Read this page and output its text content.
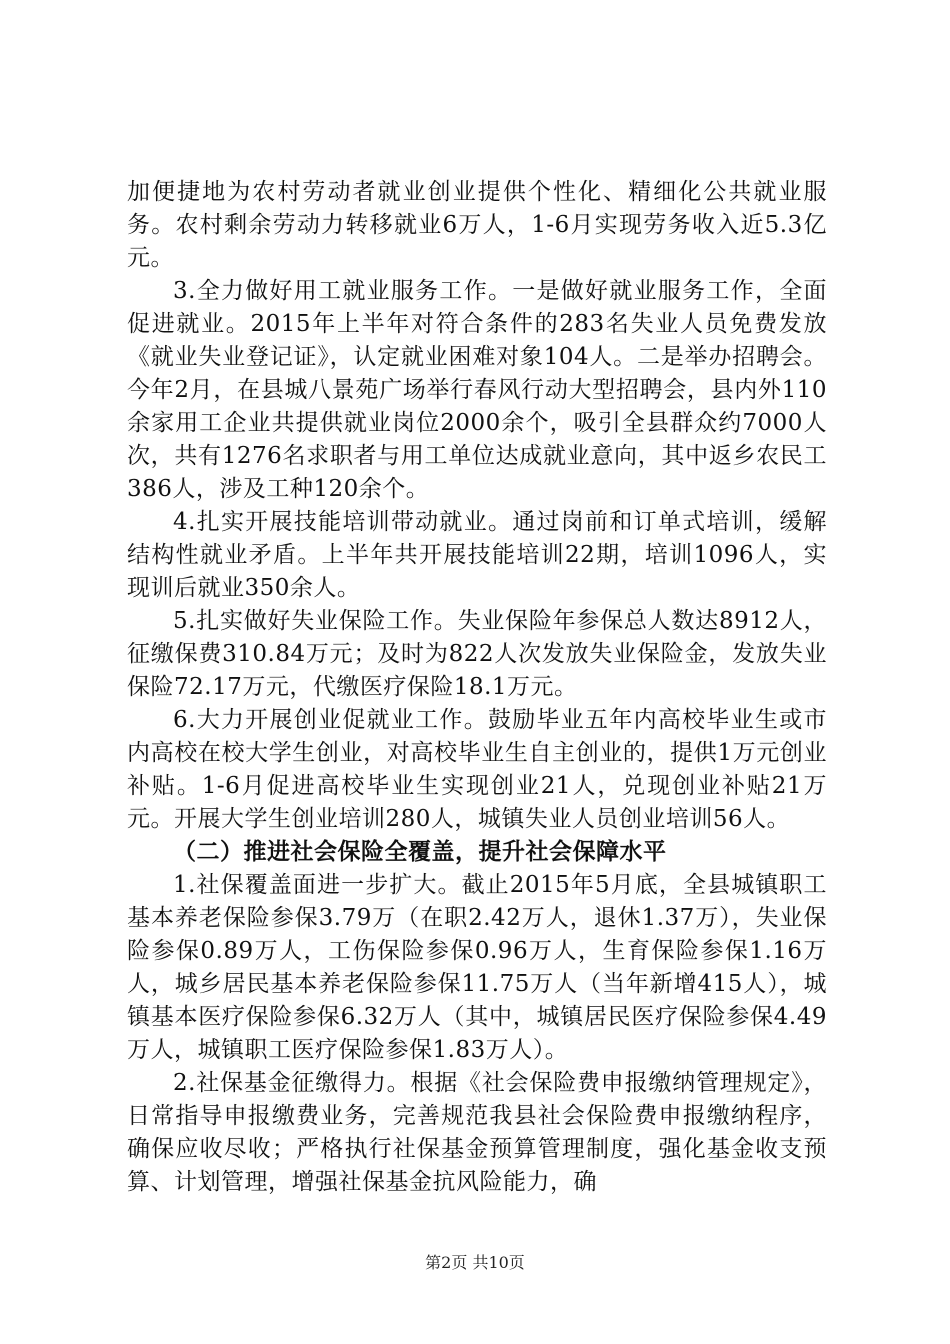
加便捷地为农村劳动者就业创业提供个性化、精细化公共就业服务。农村剩余劳动力转移就业6万人，1-6月实现劳务收入近5.3亿元。

3.全力做好用工就业服务工作。一是做好就业服务工作，全面促进就业。2015年上半年对符合条件的283名失业人员免费发放《就业失业登记证》，认定就业困难对象104人。二是举办招聘会。今年2月，在县城八景苑广场举行春风行动大型招聘会，县内外110余家用工企业共提供就业岗位2000余个，吸引全县群众约7000人次，共有1276名求职者与用工单位达成就业意向，其中返乡农民工386人，涉及工种120余个。

4.扎实开展技能培训带动就业。通过岗前和订单式培训，缓解结构性就业矛盾。上半年共开展技能培训22期，培训1096人，实现训后就业350余人。

5.扎实做好失业保险工作。失业保险年参保总人数达8912人，征缴保费310.84万元；及时为822人次发放失业保险金，发放失业保险72.17万元，代缴医疗保险18.1万元。

6.大力开展创业促就业工作。鼓励毕业五年内高校毕业生或市内高校在校大学生创业，对高校毕业生自主创业的，提供1万元创业补贴。1-6月促进高校毕业生实现创业21人，兑现创业补贴21万元。开展大学生创业培训280人，城镇失业人员创业培训56人。

（二）推进社会保险全覆盖，提升社会保障水平

1.社保覆盖面进一步扩大。截止2015年5月底，全县城镇职工基本养老保险参保3.79万（在职2.42万人，退休1.37万），失业保险参保0.89万人，工伤保险参保0.96万人，生育保险参保1.16万人，城乡居民基本养老保险参保11.75万人（当年新增415人），城镇基本医疗保险参保6.32万人（其中，城镇居民医疗保险参保4.49万人，城镇职工医疗保险参保1.83万人）。

2.社保基金征缴得力。根据《社会保险费申报缴纳管理规定》，日常指导申报缴费业务，完善规范我县社会保险费申报缴纳程序，确保应收尽收；严格执行社保基金预算管理制度，强化基金收支预算、计划管理，增强社保基金抗风险能力，确

第2页 共10页
